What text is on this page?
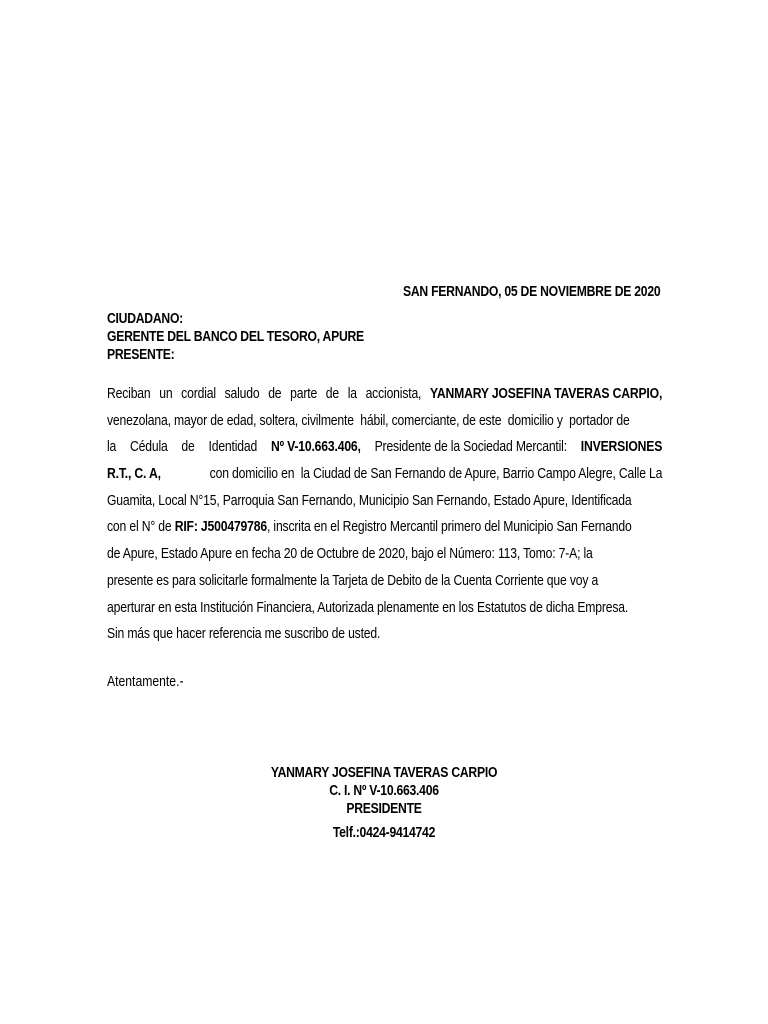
SAN FERNANDO, 05 DE NOVIEMBRE DE 2020
CIUDADANO:
GERENTE DEL BANCO DEL TESORO, APURE
PRESENTE:
Reciban un cordial saludo de parte de la accionista, YANMARY JOSEFINA TAVERAS CARPIO,
venezolana, mayor de edad, soltera, civilmente  hábil, comerciante, de este  domicilio y  portador de
la Cédula de Identidad Nº V-10.663.406, Presidente de la Sociedad Mercantil: INVERSIONES
R.T., C. A,	con domicilio en  la Ciudad de San Fernando de Apure, Barrio Campo Alegre, Calle La
Guamita, Local N°15, Parroquia San Fernando, Municipio San Fernando, Estado Apure, Identificada
con el N° de RIF: J500479786, inscrita en el Registro Mercantil primero del Municipio San Fernando
de Apure, Estado Apure en fecha 20 de Octubre de 2020, bajo el Número: 113, Tomo: 7-A; la
presente es para solicitarle formalmente la Tarjeta de Debito de la Cuenta Corriente que voy a
aperturar en esta Institución Financiera, Autorizada plenamente en los Estatutos de dicha Empresa.
Sin más que hacer referencia me suscribo de usted.
Atentamente.-
YANMARY JOSEFINA TAVERAS CARPIO
C. I. Nº V-10.663.406
PRESIDENTE
Telf.:0424-9414742
